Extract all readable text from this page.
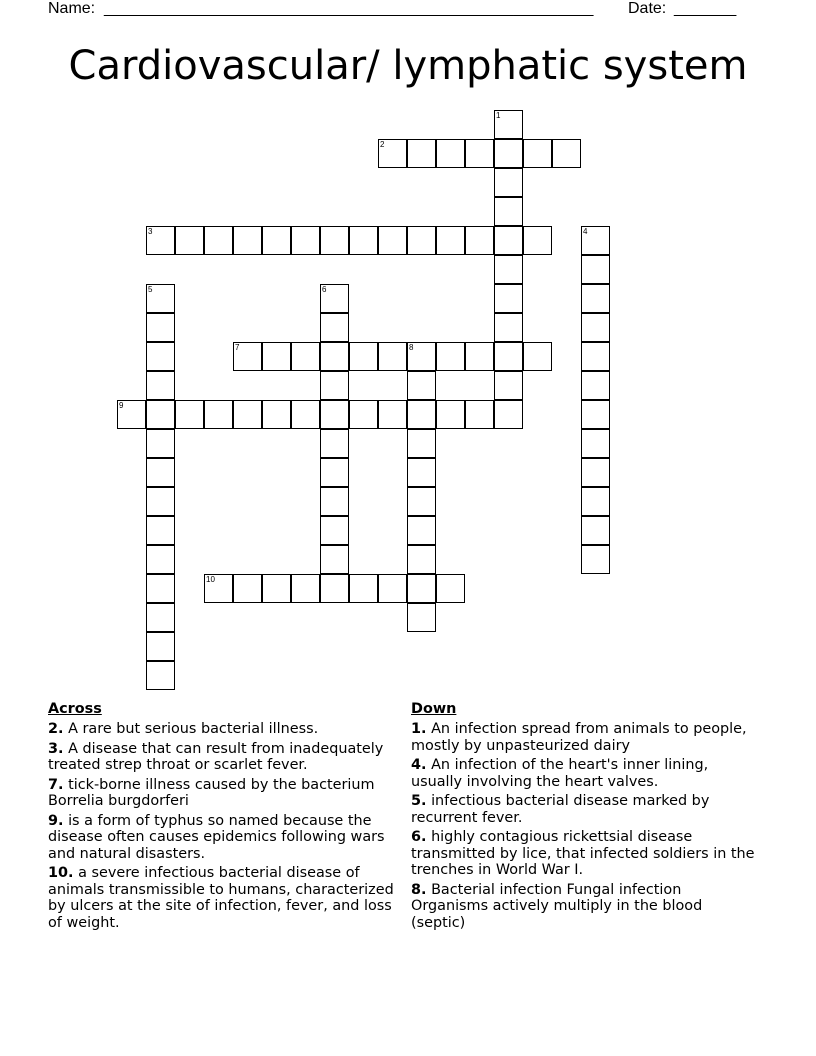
Name: _______________________________________________________ Date: _______
Cardiovascular/ lymphatic system
1
2
3	4
5	6
7	8
9
10
Across
2. A rare but serious bacterial illness.
3. A disease that can result from inadequately treated strep throat or scarlet fever.
7. tick-borne illness caused by the bacterium Borrelia burgdorferi
9. is a form of typhus so named because the disease often causes epidemics following wars and natural disasters.
10. a severe infectious bacterial disease of animals transmissible to humans, characterized by ulcers at the site of infection, fever, and loss of weight.
Down
1. An infection spread from animals to people, mostly by unpasteurized dairy
4. An infection of the heart's inner lining, usually involving the heart valves.
5. infectious bacterial disease marked by recurrent fever.
6. highly contagious rickettsial disease transmitted by lice, that infected soldiers in the trenches in World War I.
8. Bacterial infection Fungal infection Organisms actively multiply in the blood (septic)
